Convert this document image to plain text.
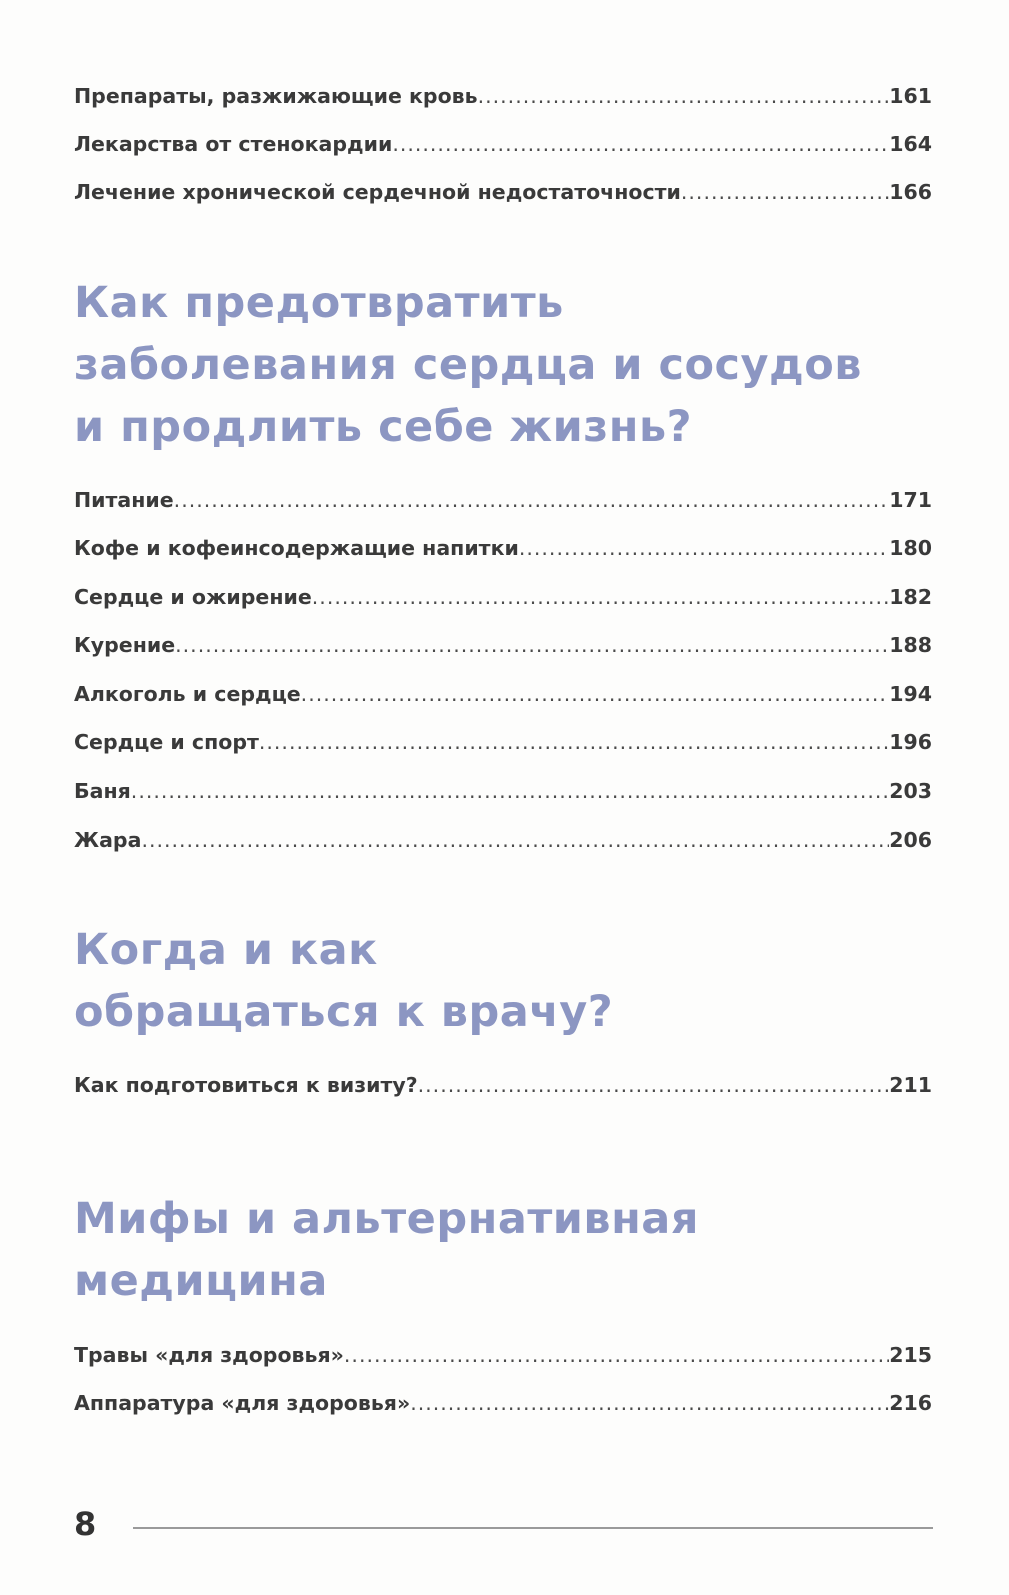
Препараты, разжижающие кровь .....	161
Лекарства от стенокардии .....	164
Лечение хронической сердечной недостаточности .....	166
Как предотвратить
заболевания сердца и сосудов
и продлить себе жизнь?
Питание .....	171
Кофе и кофеинсодержащие напитки .....	180
Сердце и ожирение .....	182
Курение .....	188
Алкоголь и сердце .....	194
Сердце и спорт .....	196
Баня .....	203
Жара .....	206
Когда и как
обращаться к врачу?
Как подготовиться к визиту? .....	211
Мифы и альтернативная
медицина
Травы «для здоровья» .....	215
Аппаратура «для здоровья» .....	216
8
